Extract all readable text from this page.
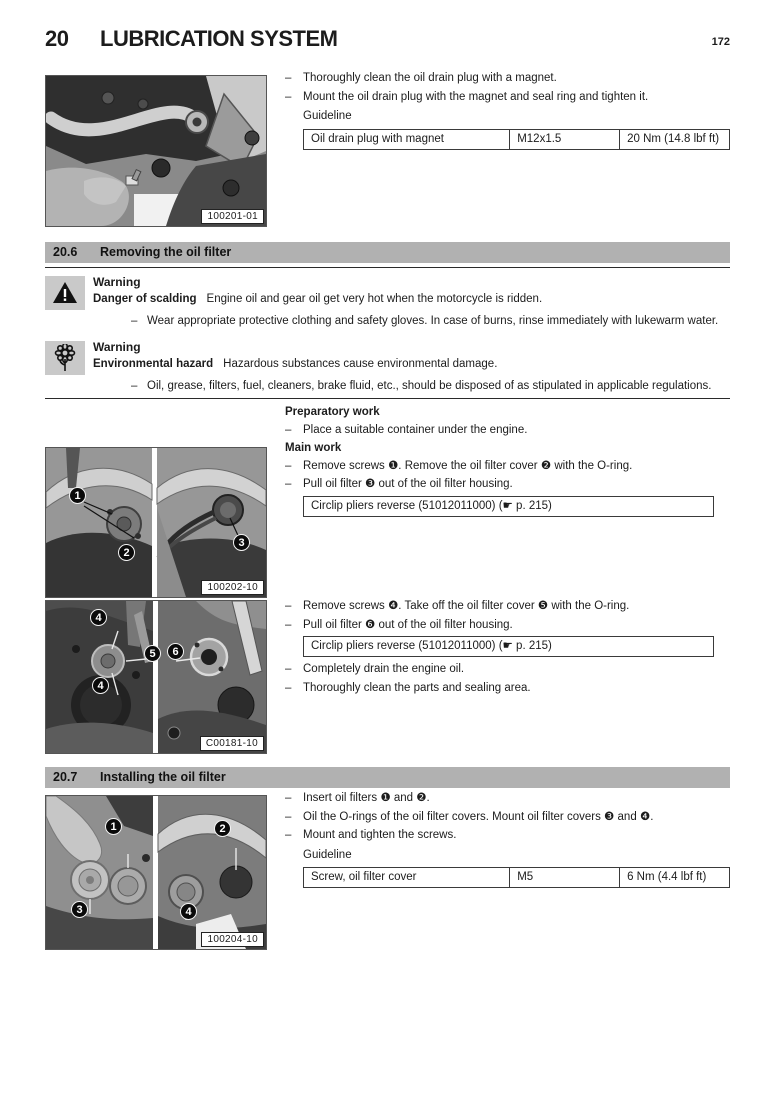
20 LUBRICATION SYSTEM	172
100201-01
–	Thoroughly clean the oil drain plug with a magnet.
–	Mount the oil drain plug with the magnet and seal ring and tighten it.
Guideline
Oil drain plug with magnet	M12x1.5	20 Nm (14.8 lbf ft)
20.6 Removing the oil filter
Warning
Danger of scalding Engine oil and gear oil get very hot when the motorcycle is ridden.
– Wear appropriate protective clothing and safety gloves. In case of burns, rinse immediately with lukewarm water.
Warning
Environmental hazard Hazardous substances cause environmental damage.
– Oil, grease, filters, fuel, cleaners, brake fluid, etc., should be disposed of as stipulated in applicable regulations.
1
2
3
100202-10
Preparatory work
–	Place a suitable container under the engine.
Main work
–	Remove screws ❶. Remove the oil filter cover ❷ with the O-ring.
–	Pull oil filter ❸ out of the oil filter housing.
Circlip pliers reverse (51012011000) (☛ p. 215)
–	Remove screws ❹. Take off the oil filter cover ❺ with the O-ring.
–	Pull oil filter ❻ out of the oil filter housing.
Circlip pliers reverse (51012011000) (☛ p. 215)
–	Completely drain the engine oil.
–	Thoroughly clean the parts and sealing area.
4
5
4
6
C00181-10
20.7 Installing the oil filter
1	2
3	4
100204-10
–	Insert oil filters ❶ and ❷.
–	Oil the O-rings of the oil filter covers. Mount oil filter covers ❸ and ❹.
–	Mount and tighten the screws.
Guideline
Screw, oil filter cover	M5	6 Nm (4.4 lbf ft)
